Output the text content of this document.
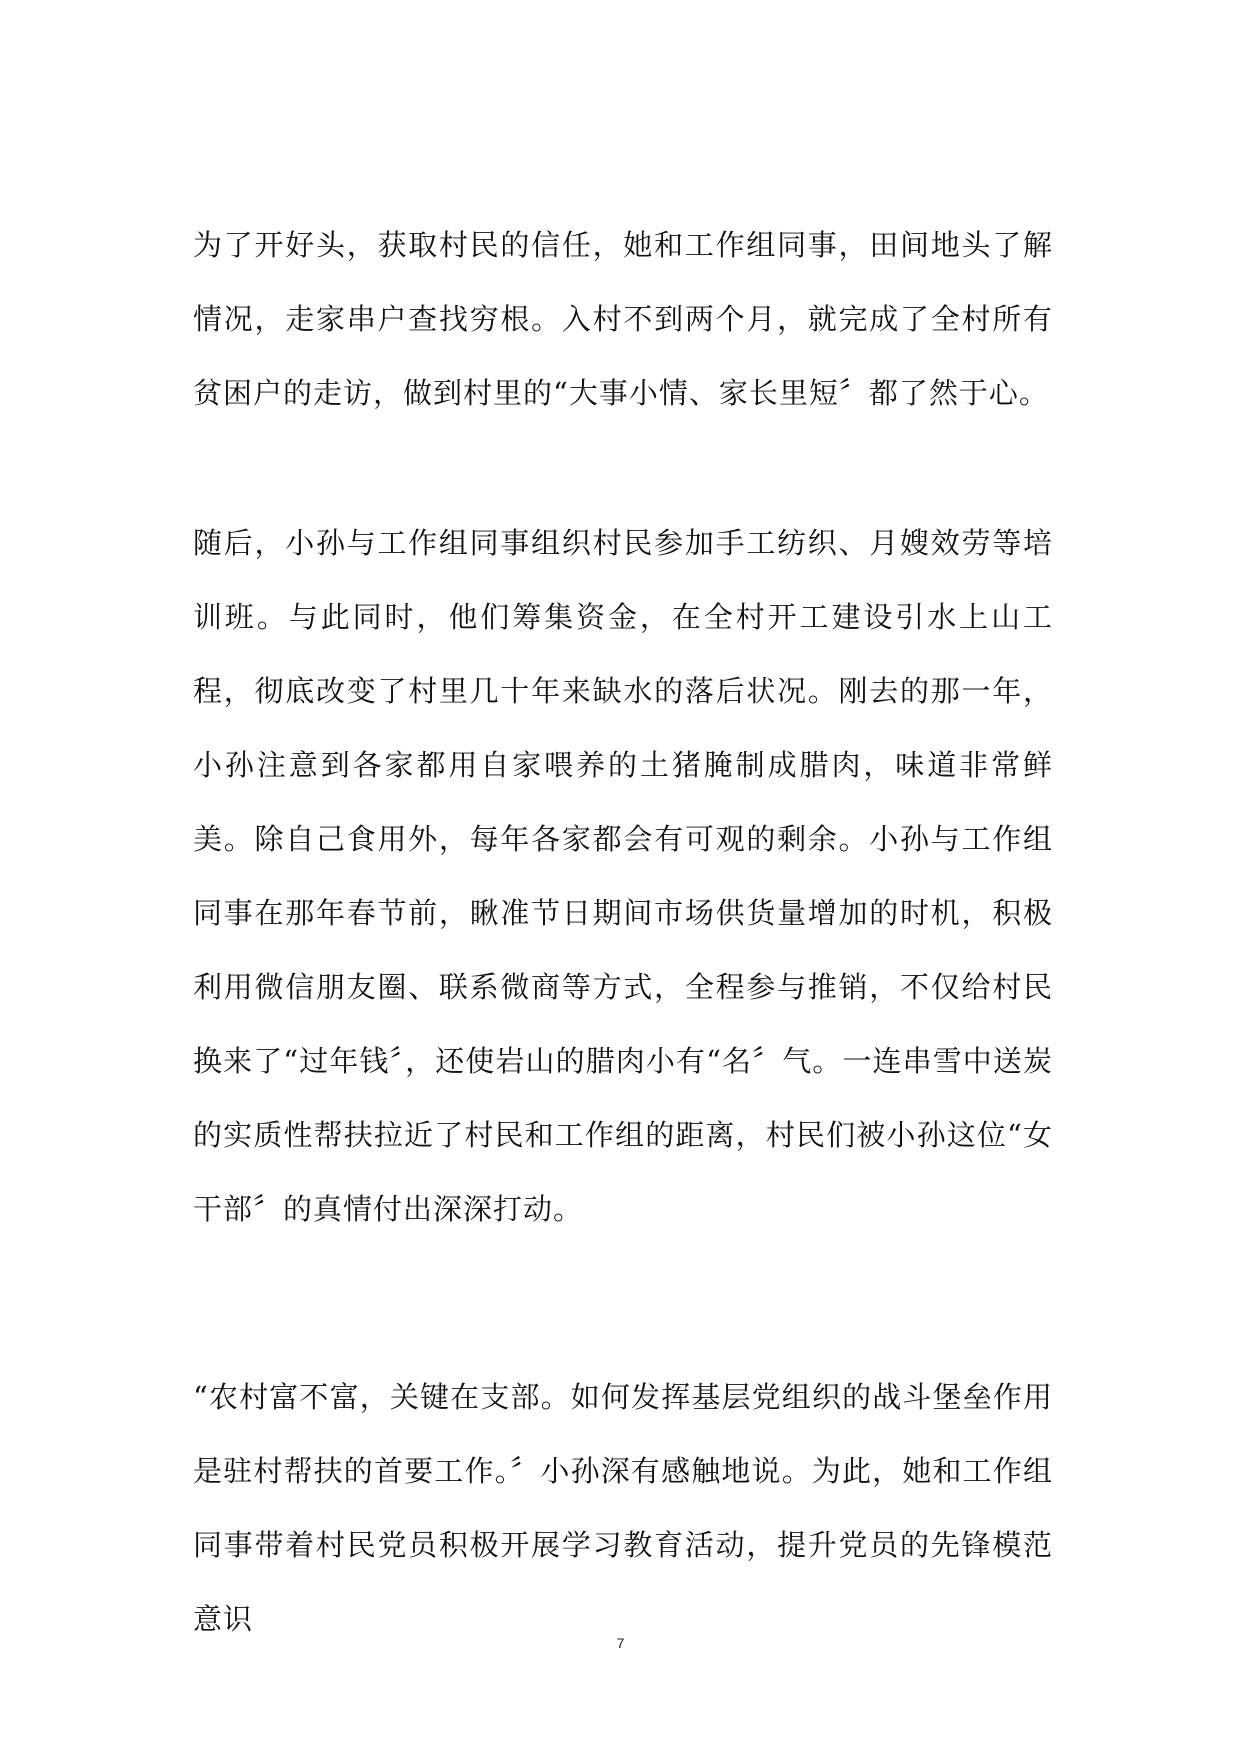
为了开好头，获取村民的信任，她和工作组同事，田间地头了解情况，走家串户查找穷根。入村不到两个月，就完成了全村所有贫困户的走访，做到村里的“大事小情、家长里短〞都了然于心。

随后，小孙与工作组同事组织村民参加手工纺织、月嫂效劳等培训班。与此同时，他们筹集资金，在全村开工建设引水上山工程，彻底改变了村里几十年来缺水的落后状况。刚去的那一年，小孙注意到各家都用自家喂养的土猪腌制成腊肉，味道非常鲜美。除自己食用外，每年各家都会有可观的剩余。小孙与工作组同事在那年春节前，瞅准节日期间市场供货量增加的时机，积极利用微信朋友圈、联系微商等方式，全程参与推销，不仅给村民换来了“过年钱〞，还使岩山的腊肉小有“名〞气。一连串雪中送炭的实质性帮扶拉近了村民和工作组的距离，村民们被小孙这位“女干部〞的真情付出深深打动。

“农村富不富，关键在支部。如何发挥基层党组织的战斗堡垒作用是驻村帮扶的首要工作。〞小孙深有感触地说。为此，她和工作组同事带着村民党员积极开展学习教育活动，提升党员的先锋模范意识

7
